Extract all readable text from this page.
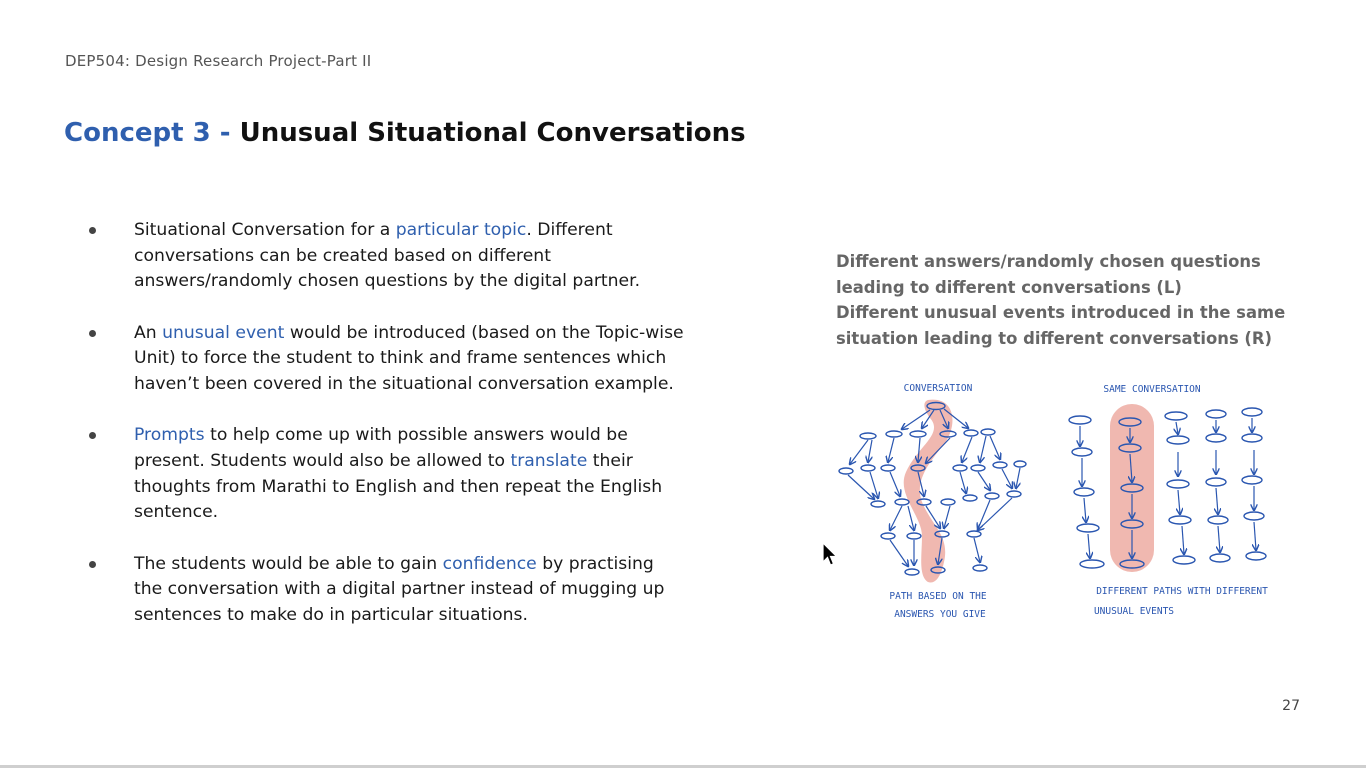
DEP504: Design Research Project-Part II
Concept 3 - Unusual Situational Conversations
Situational Conversation for a particular topic. Different conversations can be created based on different answers/randomly chosen questions by the digital partner.
An unusual event would be introduced (based on the Topic-wise Unit) to force the student to think and frame sentences which haven’t been covered in the situational conversation example.
Prompts to help come up with possible answers would be present. Students would also be allowed to translate their thoughts from Marathi to English and then repeat the English sentence.
The students would be able to gain confidence by practising the conversation with a digital partner instead of mugging up sentences to make do in particular situations.
Different answers/randomly chosen questions leading to different conversations (L)
Different unusual events introduced in the same situation leading to different conversations (R)
CONVERSATION
PATH BASED ON THE
ANSWERS YOU GIVE
SAME CONVERSATION
DIFFERENT PATHS WITH DIFFERENT
UNUSUAL EVENTS
27
